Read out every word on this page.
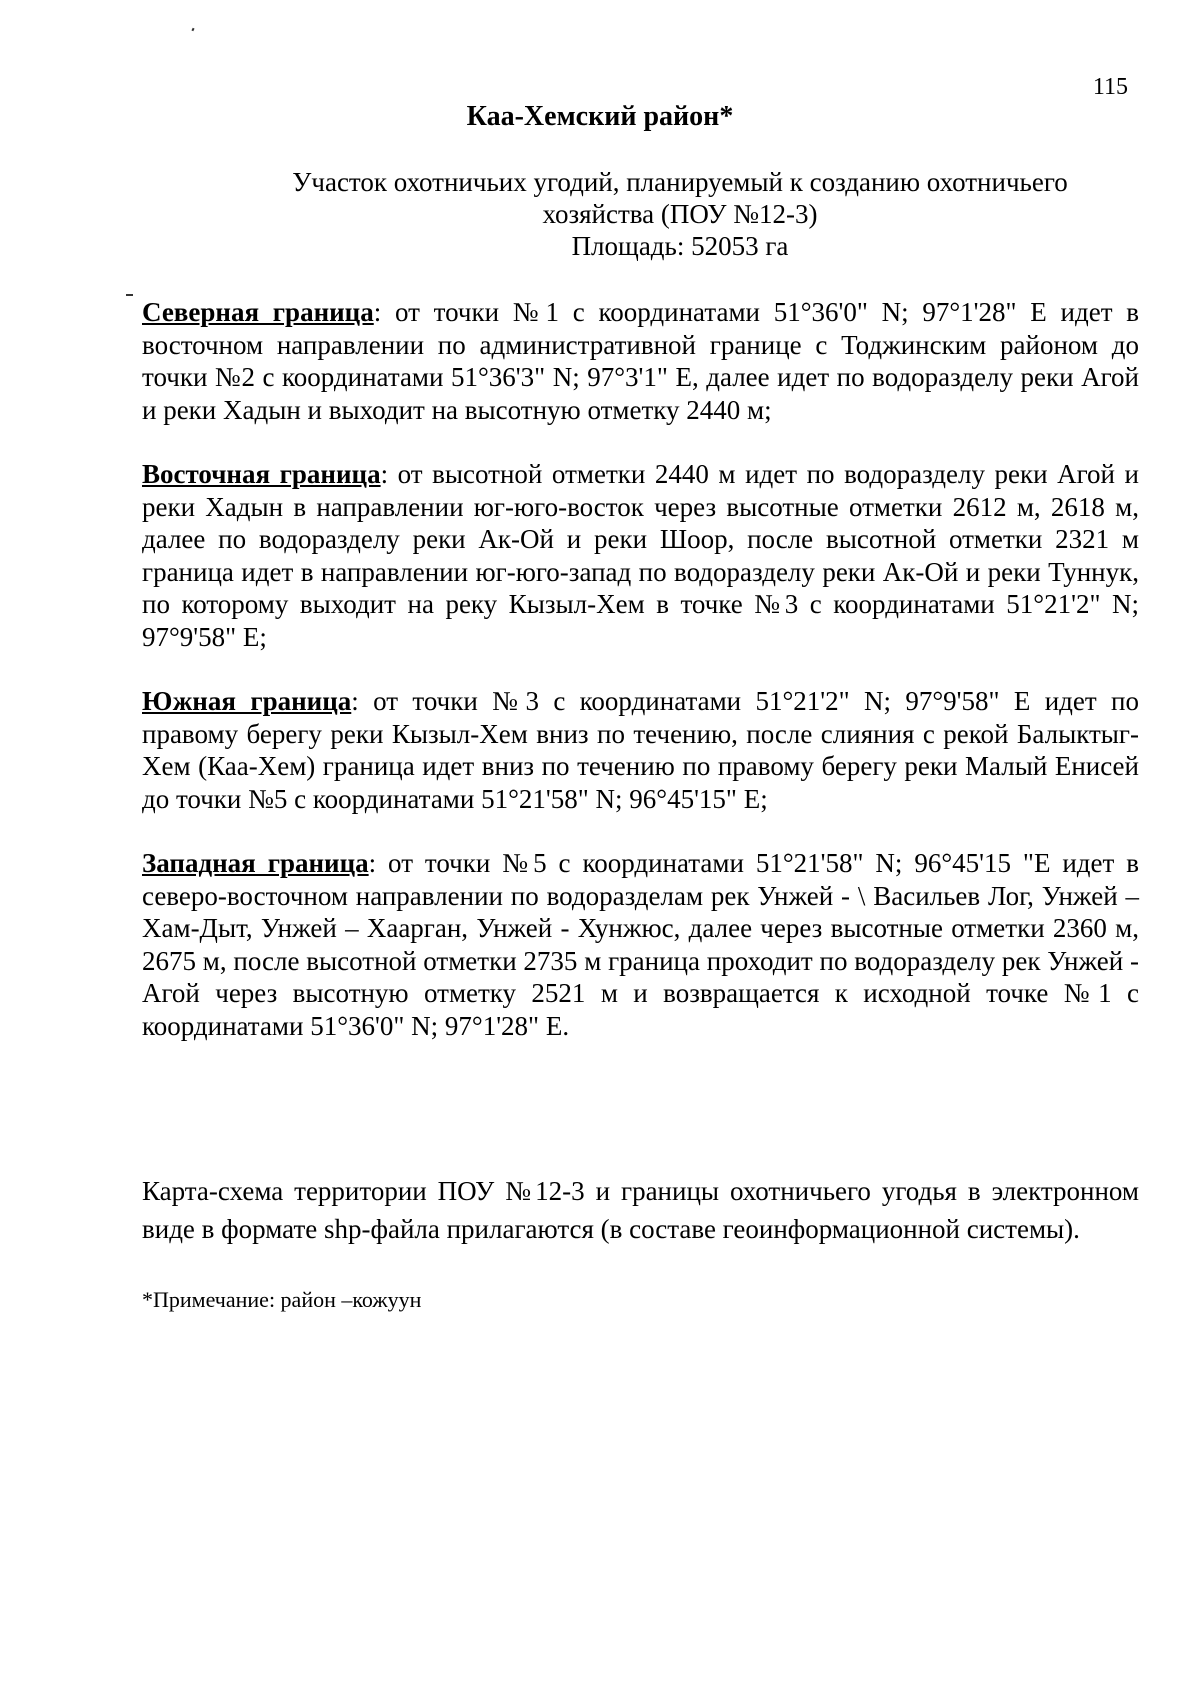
115
Каа-Хемский район*
Участок охотничьих угодий, планируемый к созданию охотничьего
хозяйства (ПОУ №12-3)
Площадь: 52053 га

Северная граница: от точки №1 с координатами 51°36'0" N; 97°1'28" E идет в восточном направлении по административной границе с Тоджинским районом до точки №2 с координатами 51°36'3" N; 97°3'1" E, далее идет по водоразделу реки Агой и реки Хадын и выходит на высотную отметку 2440 м;

Восточная граница: от высотной отметки 2440 м идет по водоразделу реки Агой и реки Хадын в направлении юг-юго-восток через высотные отметки 2612 м, 2618 м, далее по водоразделу реки Ак-Ой и реки Шоор, после высотной отметки 2321 м граница идет в направлении юг-юго-запад по водоразделу реки Ак-Ой и реки Туннук, по которому выходит на реку Кызыл-Хем в точке №3 с координатами 51°21'2" N; 97°9'58" E;

Южная граница: от точки №3 с координатами 51°21'2" N; 97°9'58" E идет по правому берегу реки Кызыл-Хем вниз по течению, после слияния с рекой Балыктыг-Хем (Каа-Хем) граница идет вниз по течению по правому берегу реки Малый Енисей до точки №5 с координатами 51°21'58" N; 96°45'15" E;

Западная граница: от точки №5 с координатами 51°21'58" N; 96°45'15 "E идет в северо-восточном направлении по водоразделам рек Унжей - \ Васильев Лог, Унжей – Хам-Дыт, Унжей – Хаарган, Унжей - Хунжюс, далее через высотные отметки 2360 м, 2675 м, после высотной отметки 2735 м граница проходит по водоразделу рек Унжей - Агой через высотную отметку 2521 м и возвращается к исходной точке №1 с координатами 51°36'0" N; 97°1'28" E.

Карта-схема территории ПОУ №12-3 и границы охотничьего угодья в электронном виде в формате shp-файла прилагаются (в составе геоинформационной системы).

*Примечание: район –кожуун
